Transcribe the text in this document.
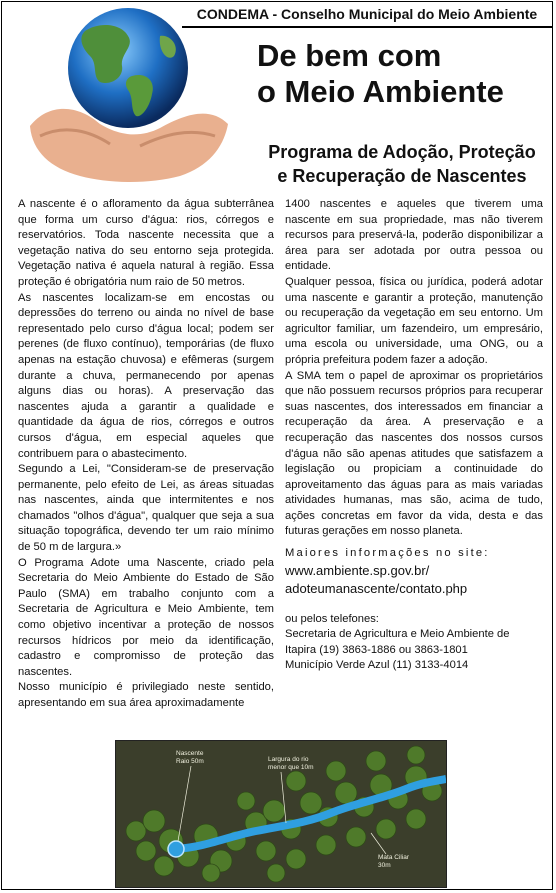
CONDEMA - Conselho Municipal do Meio Ambiente
De bem com
o Meio Ambiente
Programa de Adoção, Proteção
e Recuperação de Nascentes

A nascente é o afloramento da água subterrânea que forma um curso d'água: rios, córregos e reservatórios. Toda nascente necessita que a vegetação nativa do seu entorno seja protegida. Vegetação nativa é aquela natural à região. Essa proteção é obrigatória num raio de 50 metros.

As nascentes localizam-se em encostas ou depressões do terreno ou ainda no nível de base representado pelo curso d'água local; podem ser perenes (de fluxo contínuo), temporárias (de fluxo apenas na estação chuvosa) e efêmeras (surgem durante a chuva, permanecendo por apenas alguns dias ou horas). A preservação das nascentes ajuda a garantir a qualidade e quantidade da água de rios, córregos e outros cursos d'água, em especial aqueles que contribuem para o abastecimento.

Segundo a Lei, "Consideram-se de preservação permanente, pelo efeito de Lei, as áreas situadas nas nascentes, ainda que intermitentes e nos chamados "olhos d'água", qualquer que seja a sua situação topográfica, devendo ter um raio mínimo de 50 m de largura.»

O Programa Adote uma Nascente, criado pela Secretaria do Meio Ambiente do Estado de São Paulo (SMA) em trabalho conjunto com a Secretaria de Agricultura e Meio Ambiente, tem como objetivo incentivar a proteção de nossos recursos hídricos por meio da identificação, cadastro e compromisso de proteção das nascentes.

Nosso município é privilegiado neste sentido, apresentando em sua área aproximadamente

1400 nascentes e aqueles que tiverem uma nascente em sua propriedade, mas não tiverem recursos para preservá-la, poderão disponibilizar a área para ser adotada por outra pessoa ou entidade.

Qualquer pessoa, física ou jurídica, poderá adotar uma nascente e garantir a proteção, manutenção ou recuperação da vegetação em seu entorno. Um agricultor familiar, um fazendeiro, um empresário, uma escola ou universidade, uma ONG, ou a própria prefeitura podem fazer a adoção.

A SMA tem o papel de aproximar os proprietários que não possuem recursos próprios para recuperar suas nascentes, dos interessados em financiar a recuperação da área. A preservação e a recuperação das nascentes dos nossos cursos d'água não são apenas atitudes que satisfazem a legislação ou propiciam a continuidade do aproveitamento das águas para as mais variadas atividades humanas, mas são, acima de tudo, ações concretas em favor da vida, desta e das futuras gerações em nosso planeta.

Maiores informações no site:

www.ambiente.sp.gov.br/

adoteumanascente/contato.php

ou pelos telefones:

Secretaria de Agricultura e Meio Ambiente de Itapira (19) 3863-1886 ou 3863-1801

Município Verde Azul (11) 3133-4014

Nascente
Raio 50m	Largura do rio
menor que 10m
Mata Ciliar
30m
